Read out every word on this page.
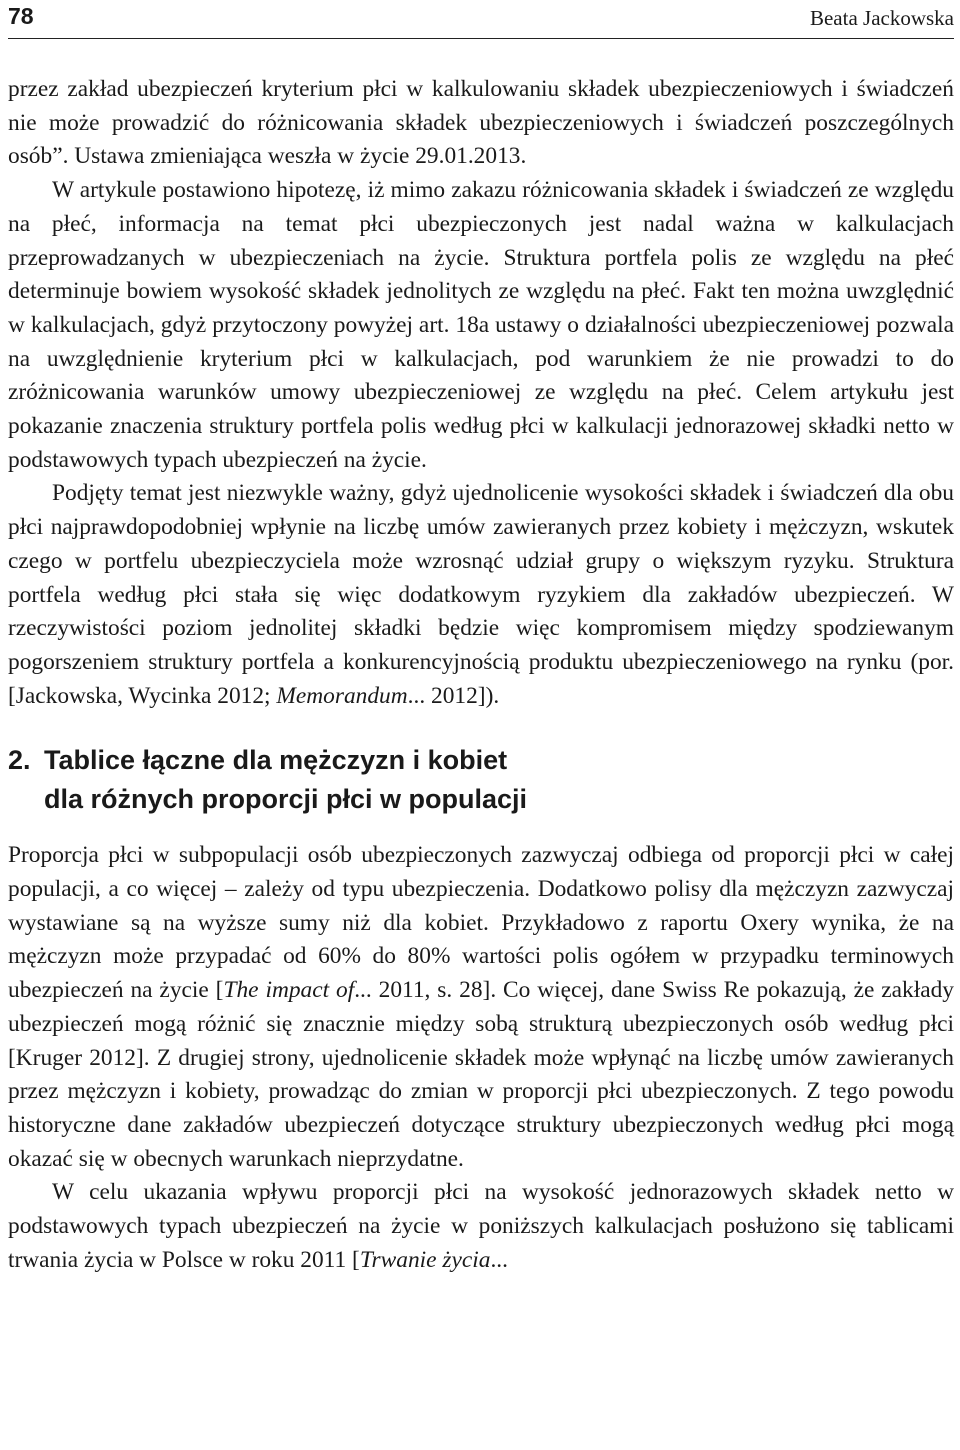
78	Beata Jackowska

przez zakład ubezpieczeń kryterium płci w kalkulowaniu składek ubezpieczeniowych i świadczeń nie może prowadzić do różnicowania składek ubezpieczeniowych i świadczeń poszczególnych osób”. Ustawa zmieniająca weszła w życie 29.01.2013.

W artykule postawiono hipotezę, iż mimo zakazu różnicowania składek i świadczeń ze względu na płeć, informacja na temat płci ubezpieczonych jest nadal ważna w kalkulacjach przeprowadzanych w ubezpieczeniach na życie. Struktura portfela polis ze względu na płeć determinuje bowiem wysokość składek jednolitych ze względu na płeć. Fakt ten można uwzględnić w kalkulacjach, gdyż przytoczony powyżej art. 18a ustawy o działalności ubezpieczeniowej pozwala na uwzględnienie kryterium płci w kalkulacjach, pod warunkiem że nie prowadzi to do zróżnicowania warunków umowy ubezpieczeniowej ze względu na płeć. Celem artykułu jest pokazanie znaczenia struktury portfela polis według płci w kalkulacji jednorazowej składki netto w podstawowych typach ubezpieczeń na życie.

Podjęty temat jest niezwykle ważny, gdyż ujednolicenie wysokości składek i świadczeń dla obu płci najprawdopodobniej wpłynie na liczbę umów zawieranych przez kobiety i mężczyzn, wskutek czego w portfelu ubezpieczyciela może wzrosnąć udział grupy o większym ryzyku. Struktura portfela według płci stała się więc dodatkowym ryzykiem dla zakładów ubezpieczeń. W rzeczywistości poziom jednolitej składki będzie więc kompromisem między spodziewanym pogorszeniem struktury portfela a konkurencyjnością produktu ubezpieczeniowego na rynku (por. [Jackowska, Wycinka 2012; Memorandum... 2012]).

2. Tablice łączne dla mężczyzn i kobiet
dla różnych proporcji płci w populacji

Proporcja płci w subpopulacji osób ubezpieczonych zazwyczaj odbiega od proporcji płci w całej populacji, a co więcej – zależy od typu ubezpieczenia. Dodatkowo polisy dla mężczyzn zazwyczaj wystawiane są na wyższe sumy niż dla kobiet. Przykładowo z raportu Oxery wynika, że na mężczyzn może przypadać od 60% do 80% wartości polis ogółem w przypadku terminowych ubezpieczeń na życie [The impact of... 2011, s. 28]. Co więcej, dane Swiss Re pokazują, że zakłady ubezpieczeń mogą różnić się znacznie między sobą strukturą ubezpieczonych osób według płci [Kruger 2012]. Z drugiej strony, ujednolicenie składek może wpłynąć na liczbę umów zawieranych przez mężczyzn i kobiety, prowadząc do zmian w proporcji płci ubezpieczonych. Z tego powodu historyczne dane zakładów ubezpieczeń dotyczące struktury ubezpieczonych według płci mogą okazać się w obecnych warunkach nieprzydatne.

W celu ukazania wpływu proporcji płci na wysokość jednorazowych składek netto w podstawowych typach ubezpieczeń na życie w poniższych kalkulacjach posłużono się tablicami trwania życia w Polsce w roku 2011 [Trwanie życia...
